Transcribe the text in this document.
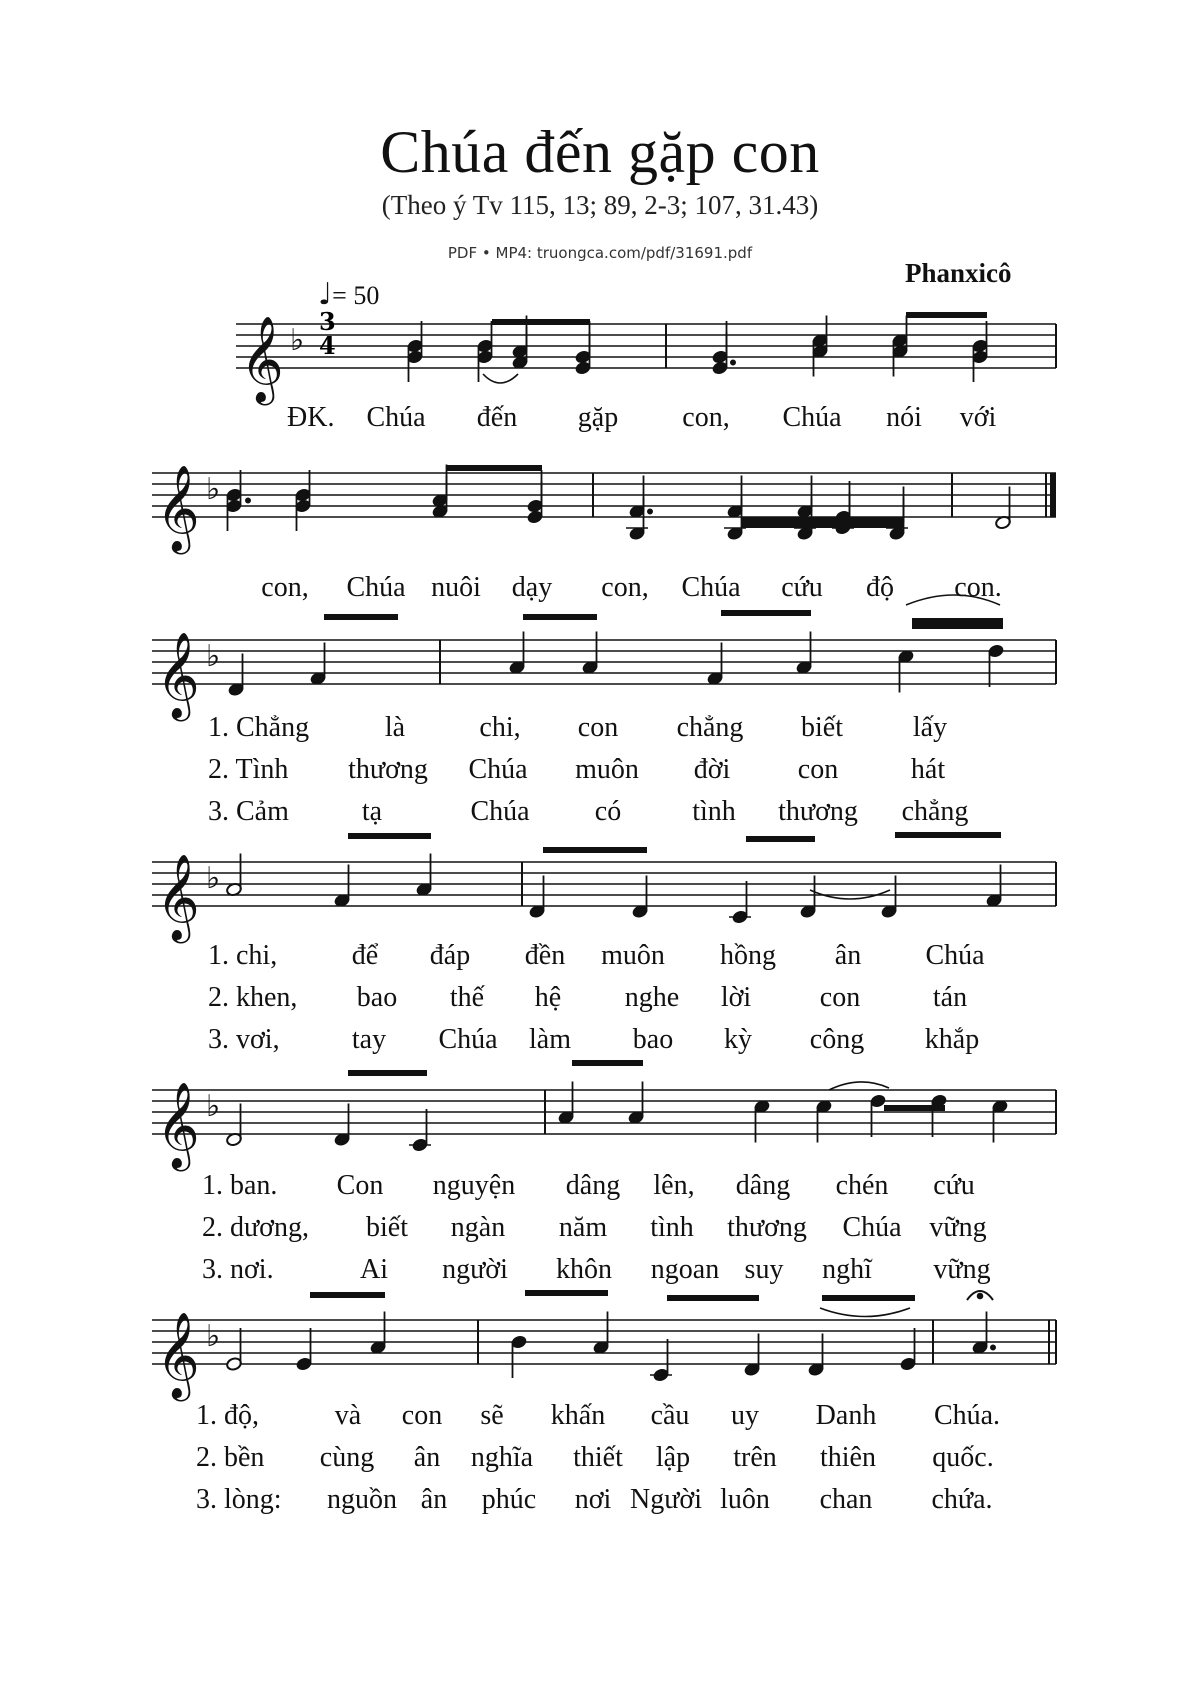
Chúa đến gặp con
(Theo ý Tv 115, 13; 89, 2-3; 107, 31.43)
PDF • MP4: truongca.com/pdf/31691.pdf
Phanxicô
♩= 50
𝄞 ♭
𝄞 ♭
𝄞 ♭
𝄞 ♭
𝄞 ♭
𝄞 ♭
3
4
ĐK. Chúa đến gặp con, Chúa nói với
con, Chúa nuôi dạy con, Chúa cứu độ con.
1. Chẳng	là	chi, con chẳng biết lấy
2. Tình thương Chúa muôn đời con	hát
3. Cảm	tạ	Chúa có	tình thương chẳng
1. chi,	để đáp đền muôn hồng ân Chúa
2. khen, bao thế hệ nghe lời con	tán
3. vơi,	tay Chúa làm bao kỳ công khắp
1. ban. Con nguyện dâng lên, dâng chén cứu
2. dương, biết ngàn năm tình thương Chúa vững
3. nơi.	Ai người khôn ngoan suy nghĩ vững
1. độ,	và con sẽ khấn cầu uy Danh Chúa.
2. bền cùng ân nghĩa thiết lập trên thiên quốc.
3. lòng: nguồn ân phúc nơi Người luôn chan chứa.
